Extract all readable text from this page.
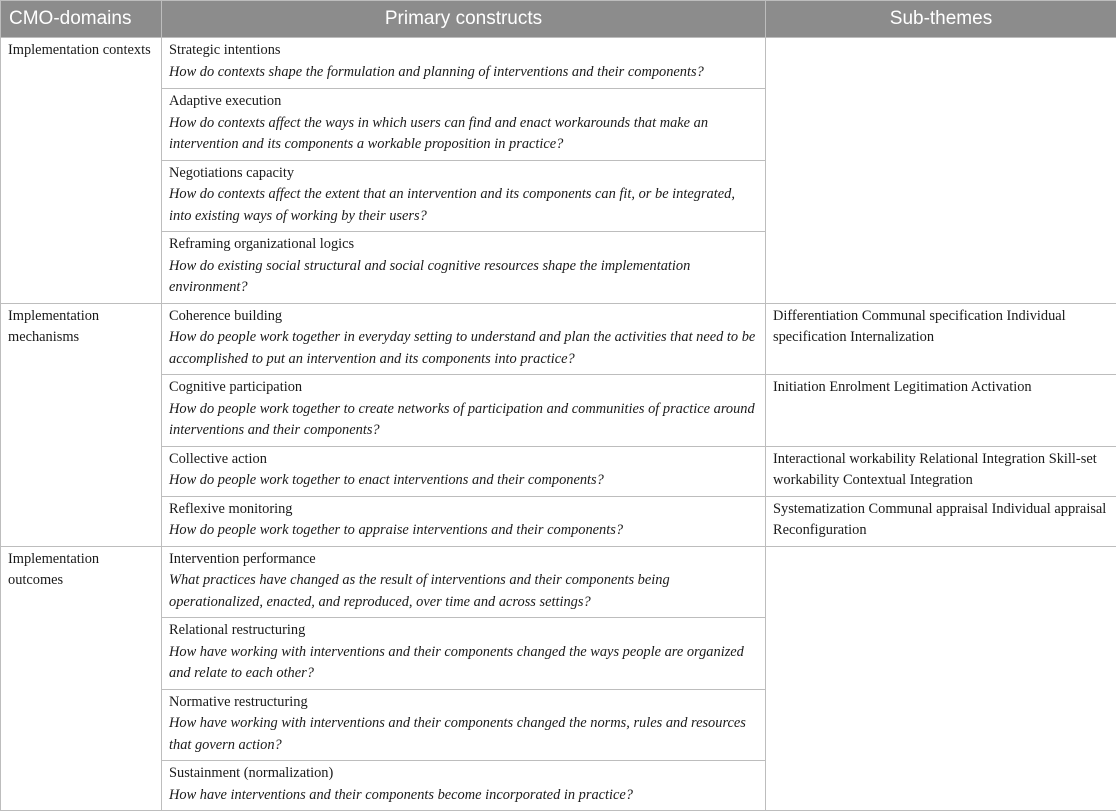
CMO-domains	Primary constructs	Sub-themes
Implementation contexts	Strategic intentions
How do contexts shape the formulation and planning of interventions and their components?	

	Adaptive execution
How do contexts affect the ways in which users can find and enact workarounds that make an intervention and its components a workable proposition in practice?	

	Negotiations capacity
How do contexts affect the extent that an intervention and its components can fit, or be integrated, into existing ways of working by their users?	

	Reframing organizational logics
How do existing social structural and social cognitive resources shape the implementation environment?	

Implementation mechanisms	Coherence building
How do people work together in everyday setting to understand and plan the activities that need to be accomplished to put an intervention and its components into practice?	Differentiation Communal specification Individual specification Internalization

	Cognitive participation
How do people work together to create networks of participation and communities of practice around interventions and their components?	Initiation Enrolment Legitimation Activation

	Collective action
How do people work together to enact interventions and their components?	Interactional workability Relational Integration Skill-set workability Contextual Integration

	Reflexive monitoring
How do people work together to appraise interventions and their components?	Systematization Communal appraisal Individual appraisal Reconfiguration
Implementation outcomes	Intervention performance
What practices have changed as the result of interventions and their components being operationalized, enacted, and reproduced, over time and across settings?	

	Relational restructuring
How have working with interventions and their components changed the ways people are organized and relate to each other?	

	Normative restructuring
How have working with interventions and their components changed the norms, rules and resources that govern action?	

	Sustainment (normalization)
How have interventions and their components become incorporated in practice?	
